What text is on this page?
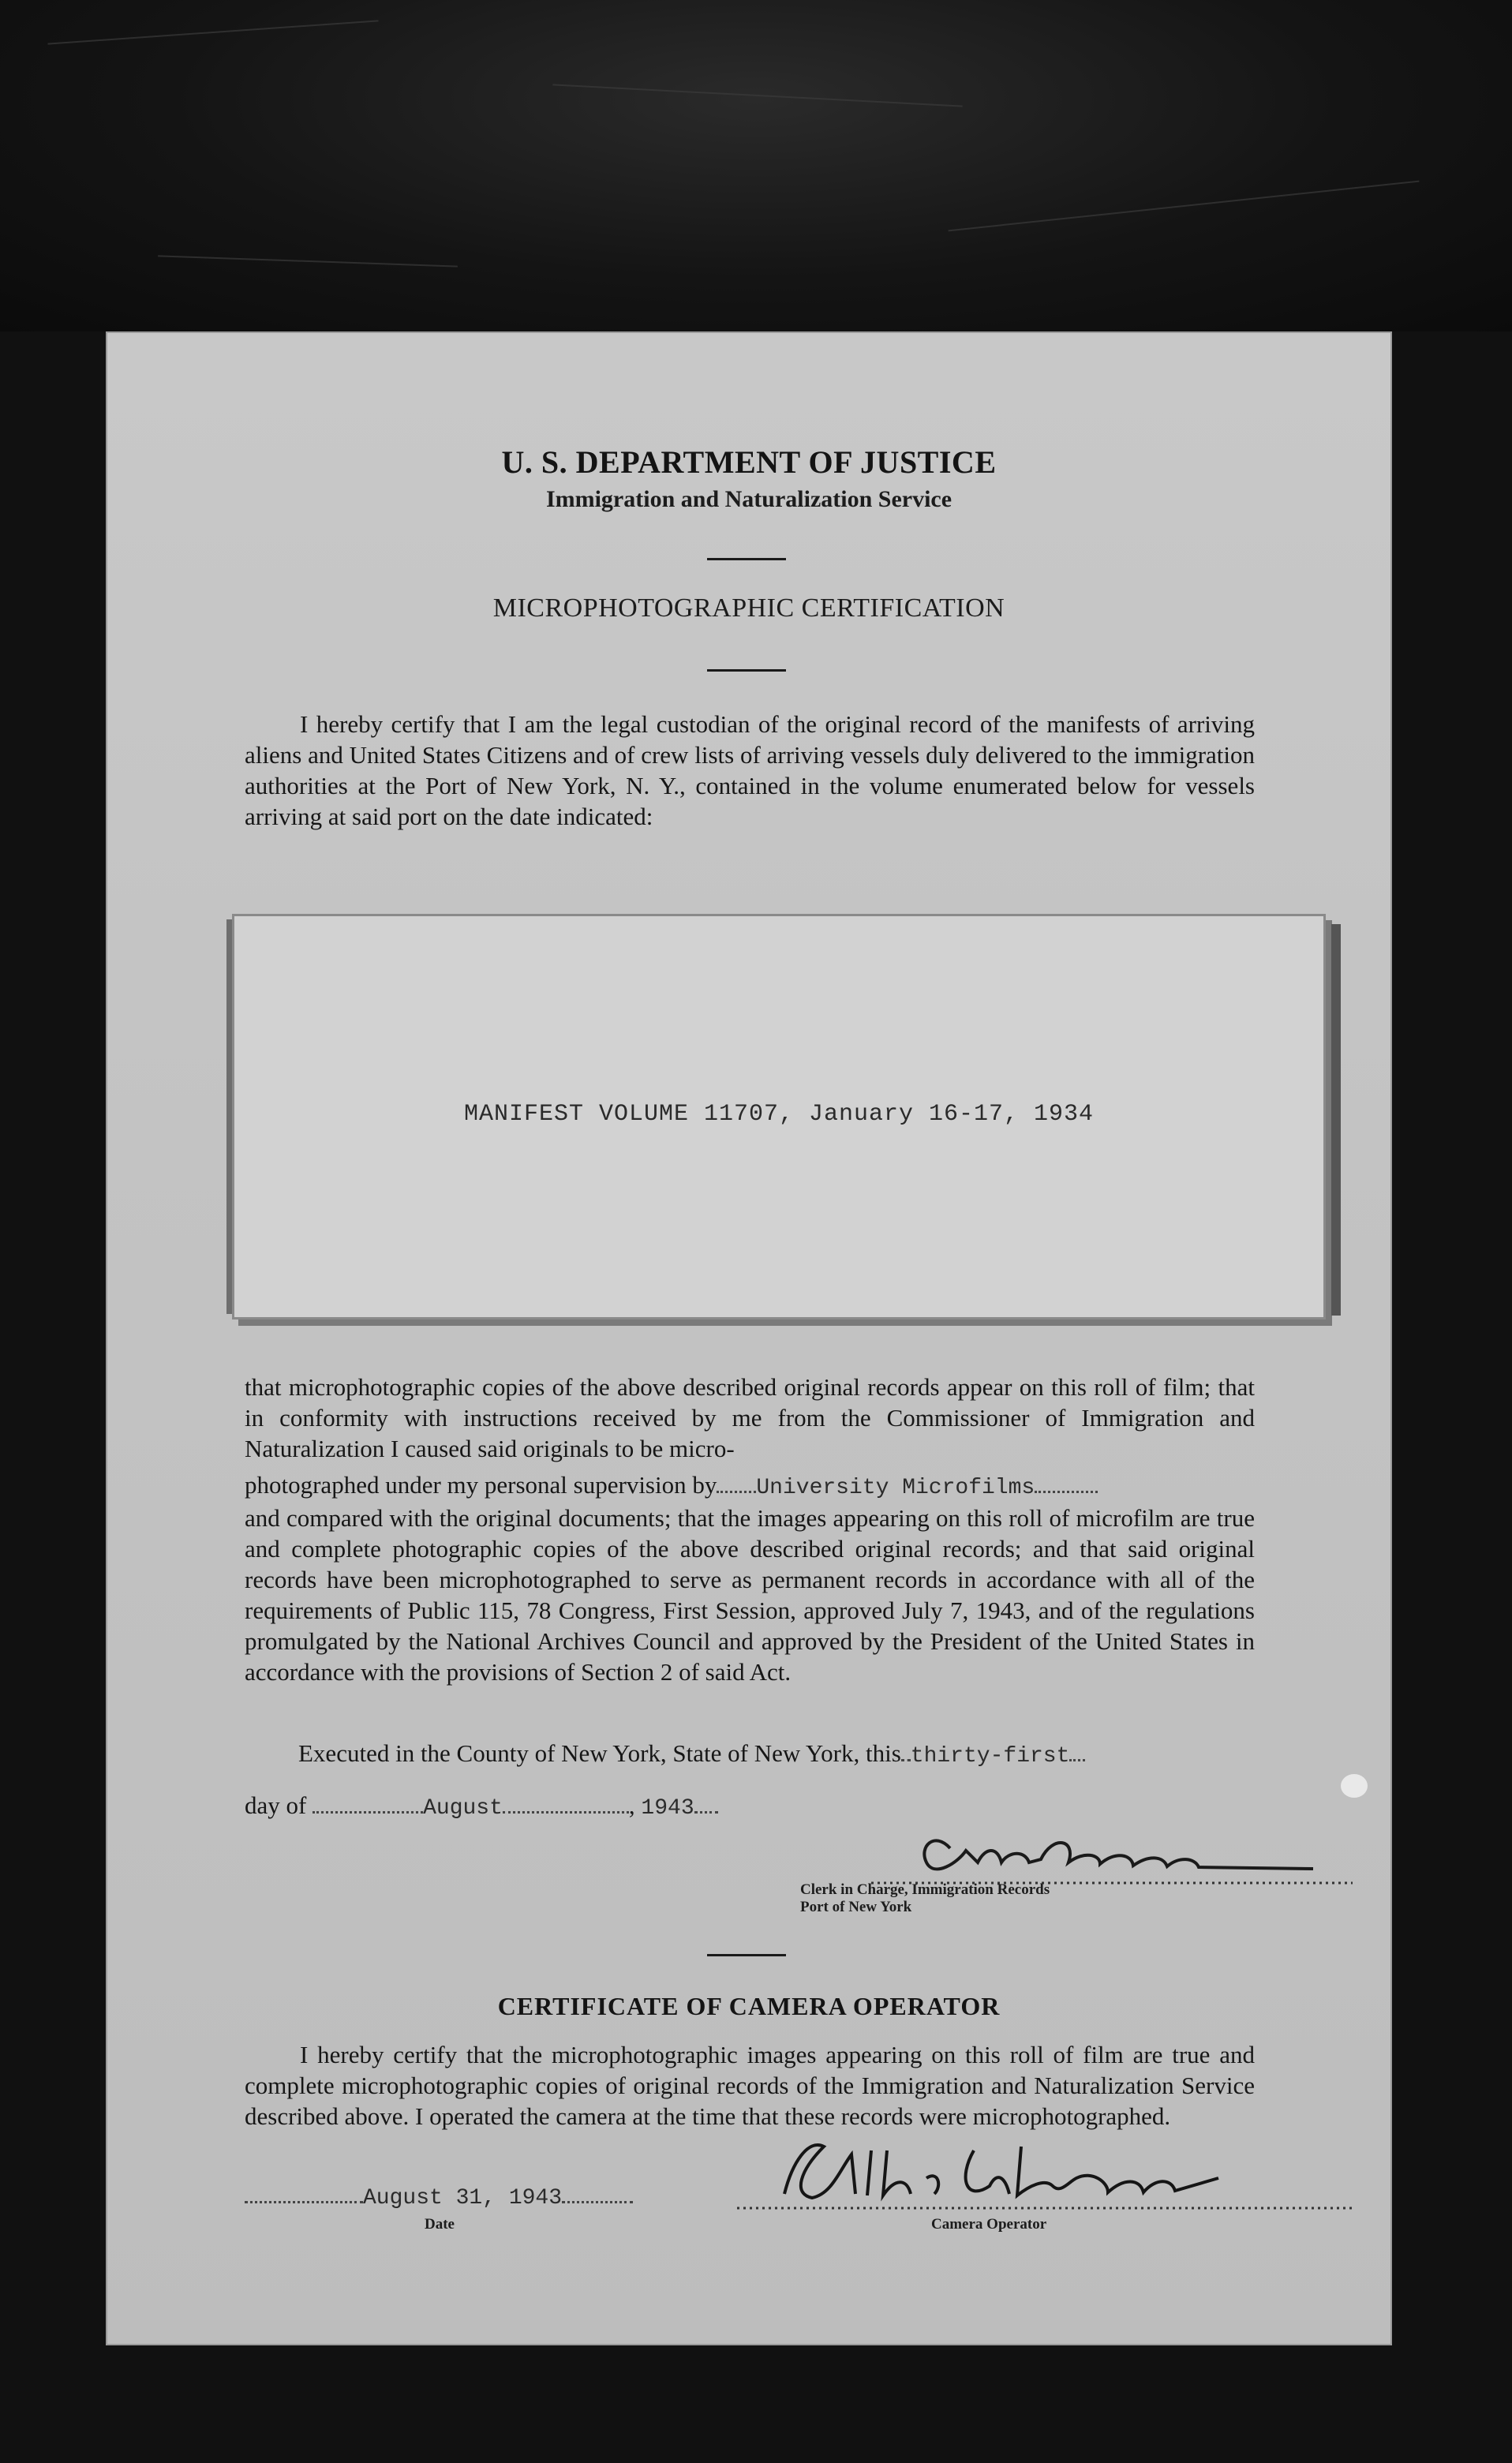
U. S. DEPARTMENT OF JUSTICE
Immigration and Naturalization Service
MICROPHOTOGRAPHIC CERTIFICATION
I hereby certify that I am the legal custodian of the original record of the manifests of arriving aliens and United States Citizens and of crew lists of arriving vessels duly delivered to the immigration authorities at the Port of New York, N. Y., contained in the volume enumerated below for vessels arriving at said port on the date indicated:
MANIFEST VOLUME 11707, January 16-17, 1934
that microphotographic copies of the above described original records appear on this roll of film; that in conformity with instructions received by me from the Commissioner of Immigration and Naturalization I caused said originals to be micro-
photographed under my personal supervision by University Microfilms
and compared with the original documents; that the images appearing on this roll of microfilm are true and complete photographic copies of the above described original records; and that said original records have been microphotographed to serve as permanent records in accordance with all of the requirements of Public 115, 78 Congress, First Session, approved July 7, 1943, and of the regulations promulgated by the National Archives Council and approved by the President of the United States in accordance with the provisions of Section 2 of said Act.
Executed in the County of New York, State of New York, this thirty-first
day of	August	, 1943
Clerk in Charge, Immigration Records
Port of New York
CERTIFICATE OF CAMERA OPERATOR
I hereby certify that the microphotographic images appearing on this roll of film are true and complete microphotographic copies of original records of the Immigration and Naturalization Service described above. I operated the camera at the time that these records were microphotographed.
August 31, 1943
Date	Camera Operator
